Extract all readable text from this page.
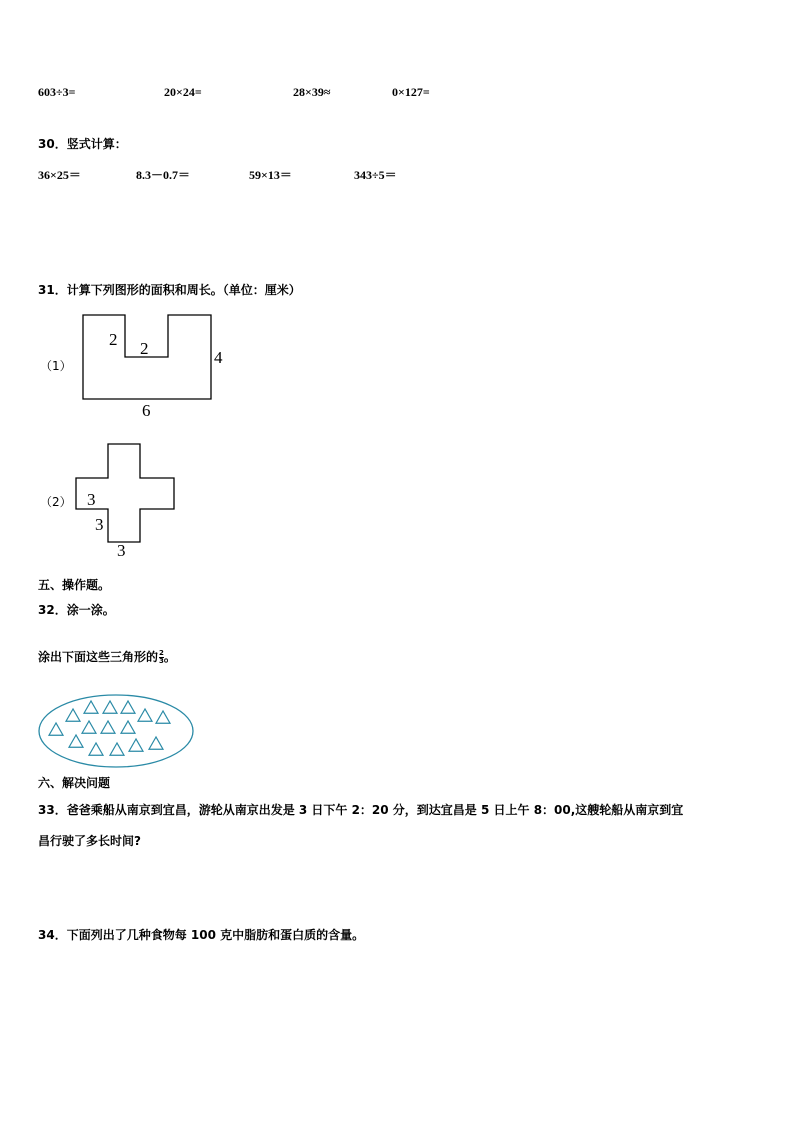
603÷3=	20×24=	28×39≈	0×127=
30．竖式计算：
36×25＝	8.3－0.7＝	59×13＝	343÷5＝
31．计算下列图形的面积和周长。（单位：厘米）
（1）
2 2	4
6
（2） 3
3
3
五、操作题。
32．涂一涂。
涂出下面这些三角形的 $\frac{2}{3}$ 。
六、解决问题
33．爸爸乘船从南京到宜昌，游轮从南京出发是 3 日下午 2：20 分，到达宜昌是 5 日上午 8：00,这艘轮船从南京到宜
昌行驶了多长时间?
34．下面列出了几种食物每 100 克中脂肪和蛋白质的含量。
